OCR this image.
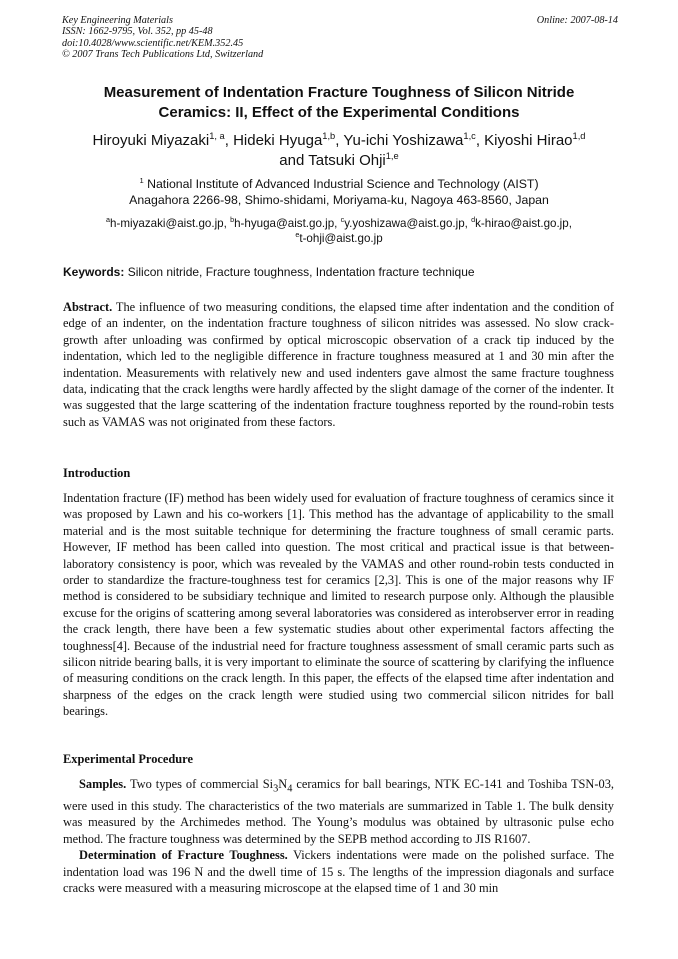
Key Engineering Materials
ISSN: 1662-9795, Vol. 352, pp 45-48
doi:10.4028/www.scientific.net/KEM.352.45
© 2007 Trans Tech Publications Ltd, Switzerland
Online: 2007-08-14
Measurement of Indentation Fracture Toughness of Silicon Nitride
Ceramics: II, Effect of the Experimental Conditions
Hiroyuki Miyazaki$^{1, a}$, Hideki Hyuga$^{1,b}$, Yu-ichi Yoshizawa$^{1,c}$, Kiyoshi Hirao$^{1,d}$
and Tatsuki Ohji$^{1,e}$
$^1$ National Institute of Advanced Industrial Science and Technology (AIST)
Anagahora 2266-98, Shimo-shidami, Moriyama-ku, Nagoya 463-8560, Japan
$^a$h-miyazaki@aist.go.jp, $^b$h-hyuga@aist.go.jp, $^c$y.yoshizawa@aist.go.jp, $^d$k-hirao@aist.go.jp,
$^e$t-ohji@aist.go.jp
Keywords: Silicon nitride, Fracture toughness, Indentation fracture technique
Abstract. The influence of two measuring conditions, the elapsed time after indentation and the condition of edge of an indenter, on the indentation fracture toughness of silicon nitrides was assessed. No slow crack-growth after unloading was confirmed by optical microscopic observation of a crack tip induced by the indentation, which led to the negligible difference in fracture toughness measured at 1 and 30 min after the indentation. Measurements with relatively new and used indenters gave almost the same fracture toughness data, indicating that the crack lengths were hardly affected by the slight damage of the corner of the indenter. It was suggested that the large scattering of the indentation fracture toughness reported by the round-robin tests such as VAMAS was not originated from these factors.
Introduction
Indentation fracture (IF) method has been widely used for evaluation of fracture toughness of ceramics since it was proposed by Lawn and his co-workers [1]. This method has the advantage of applicability to the small material and is the most suitable technique for determining the fracture toughness of small ceramic parts. However, IF method has been called into question. The most critical and practical issue is that between-laboratory consistency is poor, which was revealed by the VAMAS and other round-robin tests conducted in order to standardize the fracture-toughness test for ceramics [2,3]. This is one of the major reasons why IF method is considered to be subsidiary technique and limited to research purpose only. Although the plausible excuse for the origins of scattering among several laboratories was considered as interobserver error in reading the crack length, there have been a few systematic studies about other experimental factors affecting the toughness[4]. Because of the industrial need for fracture toughness assessment of small ceramic parts such as silicon nitride bearing balls, it is very important to eliminate the source of scattering by clarifying the influence of measuring conditions on the crack length. In this paper, the effects of the elapsed time after indentation and sharpness of the edges on the crack length were studied using two commercial silicon nitrides for ball bearings.
Experimental Procedure

Samples. Two types of commercial $Si_3N_4$ ceramics for ball bearings, NTK EC-141 and Toshiba TSN-03, were used in this study. The characteristics of the two materials are summarized in Table 1. The bulk density was measured by the Archimedes method. The Young’s modulus was obtained by ultrasonic pulse echo method. The fracture toughness was determined by the SEPB method according to JIS R1607.

Determination of Fracture Toughness. Vickers indentations were made on the polished surface. The indentation load was 196 N and the dwell time of 15 s. The lengths of the impression diagonals and surface cracks were measured with a measuring microscope at the elapsed time of 1 and 30 min
